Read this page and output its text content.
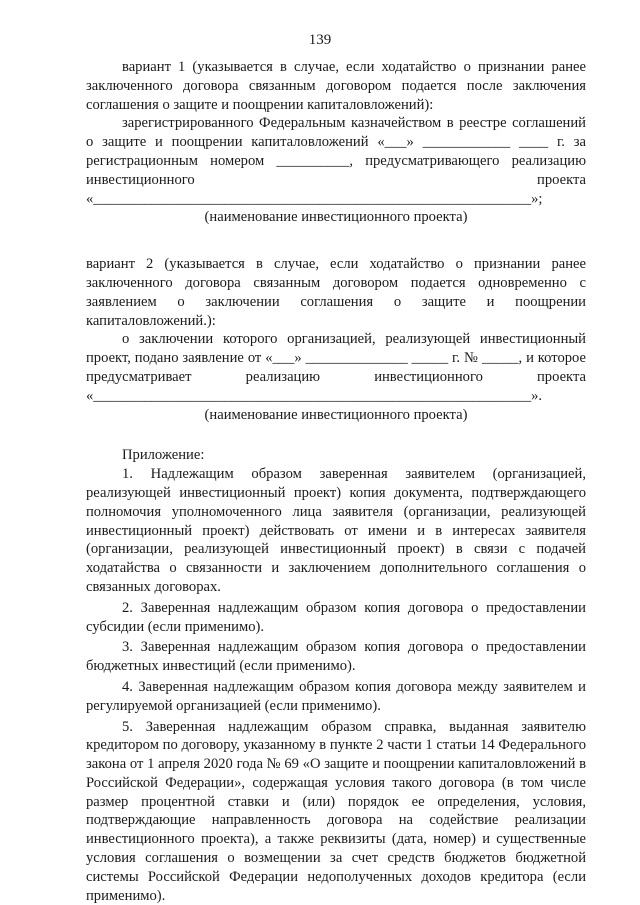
139

вариант 1 (указывается в случае, если ходатайство о признании ранее заключенного договора связанным договором подается после заключения соглашения о защите и поощрении капиталовложений):

зарегистрированного Федеральным казначейством в реестре соглашений о защите и поощрении капиталовложений «___» ____________ ____ г. за регистрационным номером __________, предусматривающего реализацию инвестиционного проекта «____________________________________________________________»;

(наименование инвестиционного проекта)

вариант 2 (указывается в случае, если ходатайство о признании ранее заключенного договора связанным договором подается одновременно с заявлением о заключении соглашения о защите и поощрении капиталовложений.):

о заключении которого организацией, реализующей инвестиционный проект, подано заявление от «___» ______________ _____ г. № _____, и которое предусматривает реализацию инвестиционного проекта «____________________________________________________________».

(наименование инвестиционного проекта)

Приложение:

1. Надлежащим образом заверенная заявителем (организацией, реализующей инвестиционный проект) копия документа, подтверждающего полномочия уполномоченного лица заявителя (организации, реализующей инвестиционный проект) действовать от имени и в интересах заявителя (организации, реализующей инвестиционный проект) в связи с подачей ходатайства о связанности и заключением дополнительного соглашения о связанных договорах.

2. Заверенная надлежащим образом копия договора о предоставлении субсидии (если применимо).

3. Заверенная надлежащим образом копия договора о предоставлении бюджетных инвестиций (если применимо).

4. Заверенная надлежащим образом копия договора между заявителем и регулируемой организацией (если применимо).

5. Заверенная надлежащим образом справка, выданная заявителю кредитором по договору, указанному в пункте 2 части 1 статьи 14 Федерального закона от 1 апреля 2020 года № 69 «О защите и поощрении капиталовложений в Российской Федерации», содержащая условия такого договора (в том числе размер процентной ставки и (или) порядок ее определения, условия, подтверждающие направленность договора на содействие реализации инвестиционного проекта), а также реквизиты (дата, номер) и существенные условия соглашения о возмещении за счет средств бюджетов бюджетной системы Российской Федерации недополученных доходов кредитора (если применимо).
